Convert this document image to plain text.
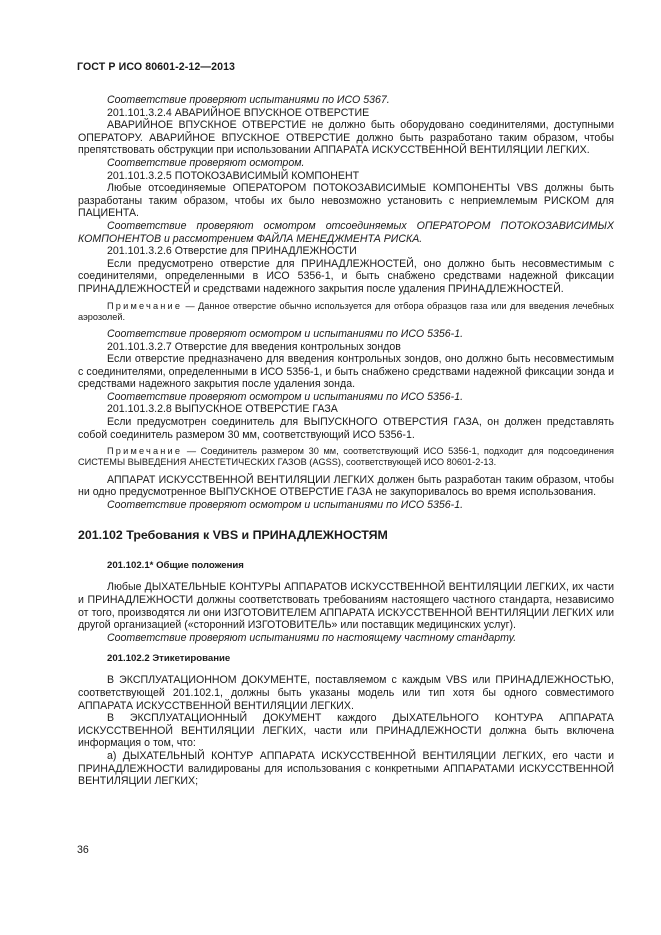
ГОСТ Р ИСО 80601-2-12—2013

Соответствие проверяют испытаниями по ИСО 5367.

201.101.3.2.4 АВАРИЙНОЕ ВПУСКНОЕ ОТВЕРСТИЕ

АВАРИЙНОЕ ВПУСКНОЕ ОТВЕРСТИЕ не должно быть оборудовано соединителями, доступными ОПЕРАТОРУ. АВАРИЙНОЕ ВПУСКНОЕ ОТВЕРСТИЕ должно быть разработано таким образом, чтобы препятствовать обструкции при использовании АППАРАТА ИСКУССТВЕННОЙ ВЕНТИЛЯЦИИ ЛЕГКИХ.

Соответствие проверяют осмотром.

201.101.3.2.5 ПОТОКОЗАВИСИМЫЙ КОМПОНЕНТ

Любые отсоединяемые ОПЕРАТОРОМ ПОТОКОЗАВИСИМЫЕ КОМПОНЕНТЫ VBS должны быть разработаны таким образом, чтобы их было невозможно установить с неприемлемым РИСКОМ для ПАЦИЕНТА.

Соответствие проверяют осмотром отсоединяемых ОПЕРАТОРОМ ПОТОКОЗАВИСИМЫХ КОМПОНЕНТОВ и рассмотрением ФАЙЛА МЕНЕДЖМЕНТА РИСКА.

201.101.3.2.6 Отверстие для ПРИНАДЛЕЖНОСТИ

Если предусмотрено отверстие для ПРИНАДЛЕЖНОСТЕЙ, оно должно быть несовместимым с соединителями, определенными в ИСО 5356-1, и быть снабжено средствами надежной фиксации ПРИНАДЛЕЖНОСТЕЙ и средствами надежного закрытия после удаления ПРИНАДЛЕЖНОСТЕЙ.

Примечание — Данное отверстие обычно используется для отбора образцов газа или для введения лечебных аэрозолей.

Соответствие проверяют осмотром и испытаниями по ИСО 5356-1.

201.101.3.2.7 Отверстие для введения контрольных зондов

Если отверстие предназначено для введения контрольных зондов, оно должно быть несовместимым с соединителями, определенными в ИСО 5356-1, и быть снабжено средствами надежной фиксации зонда и средствами надежного закрытия после удаления зонда.

Соответствие проверяют осмотром и испытаниями по ИСО 5356-1.

201.101.3.2.8 ВЫПУСКНОЕ ОТВЕРСТИЕ ГАЗА

Если предусмотрен соединитель для ВЫПУСКНОГО ОТВЕРСТИЯ ГАЗА, он должен представлять собой соединитель размером 30 мм, соответствующий ИСО 5356-1.

Примечание — Соединитель размером 30 мм, соответствующий ИСО 5356-1, подходит для подсоединения СИСТЕМЫ ВЫВЕДЕНИЯ АНЕСТЕТИЧЕСКИХ ГАЗОВ (AGSS), соответствующей ИСО 80601-2-13.

АППАРАТ ИСКУССТВЕННОЙ ВЕНТИЛЯЦИИ ЛЕГКИХ должен быть разработан таким образом, чтобы ни одно предусмотренное ВЫПУСКНОЕ ОТВЕРСТИЕ ГАЗА не закупоривалось во время использования.

Соответствие проверяют осмотром и испытаниями по ИСО 5356-1.

201.102 Требования к VBS и ПРИНАДЛЕЖНОСТЯМ

201.102.1* Общие положения

Любые ДЫХАТЕЛЬНЫЕ КОНТУРЫ АППАРАТОВ ИСКУССТВЕННОЙ ВЕНТИЛЯЦИИ ЛЕГКИХ, их части и ПРИНАДЛЕЖНОСТИ должны соответствовать требованиям настоящего частного стандарта, независимо от того, производятся ли они ИЗГОТОВИТЕЛЕМ АППАРАТА ИСКУССТВЕННОЙ ВЕНТИЛЯЦИИ ЛЕГКИХ или другой организацией («сторонний ИЗГОТОВИТЕЛЬ» или поставщик медицинских услуг).

Соответствие проверяют испытаниями по настоящему частному стандарту.

201.102.2 Этикетирование

В ЭКСПЛУАТАЦИОННОМ ДОКУМЕНТЕ, поставляемом с каждым VBS или ПРИНАДЛЕЖНОСТЬЮ, соответствующей 201.102.1, должны быть указаны модель или тип хотя бы одного совместимого АППАРАТА ИСКУССТВЕННОЙ ВЕНТИЛЯЦИИ ЛЕГКИХ.

В ЭКСПЛУАТАЦИОННЫЙ ДОКУМЕНТ каждого ДЫХАТЕЛЬНОГО КОНТУРА АППАРАТА ИСКУССТВЕННОЙ ВЕНТИЛЯЦИИ ЛЕГКИХ, части или ПРИНАДЛЕЖНОСТИ должна быть включена информация о том, что:

а) ДЫХАТЕЛЬНЫЙ КОНТУР АППАРАТА ИСКУССТВЕННОЙ ВЕНТИЛЯЦИИ ЛЕГКИХ, его части и ПРИНАДЛЕЖНОСТИ валидированы для использования с конкретными АППАРАТАМИ ИСКУССТВЕННОЙ ВЕНТИЛЯЦИИ ЛЕГКИХ;

36
